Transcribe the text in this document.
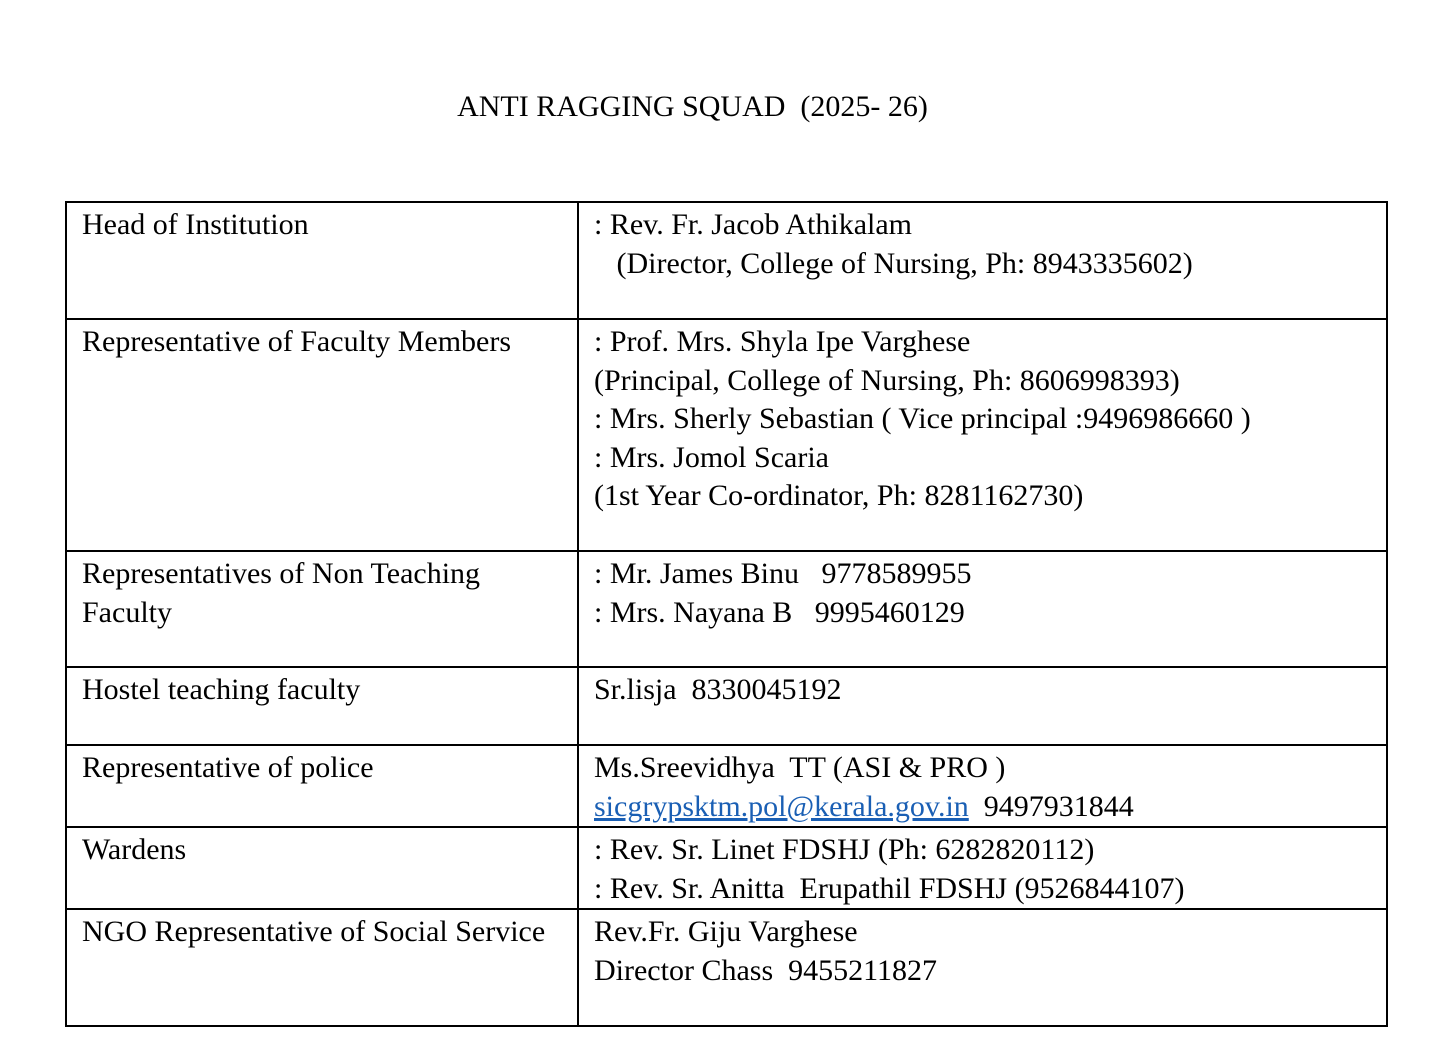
ANTI RAGGING SQUAD  (2025- 26)
Head of Institution	: Rev. Fr. Jacob Athikalam
(Director, College of Nursing, Ph: 8943335602)

Representative of Faculty Members	: Prof. Mrs. Shyla Ipe Varghese
(Principal, College of Nursing, Ph: 8606998393)
: Mrs. Sherly Sebastian ( Vice principal :9496986660 )
: Mrs. Jomol Scaria
(1st Year Co-ordinator, Ph: 8281162730)

Representatives of Non Teaching Faculty	: Mr. James Binu   9778589955
: Mrs. Nayana B   9995460129

Hostel teaching faculty	Sr.lisja  8330045192

Representative of police	Ms.Sreevidhya  TT (ASI & PRO )
sicgrypsktm.pol@kerala.gov.in  9497931844

Wardens	: Rev. Sr. Linet FDSHJ (Ph: 6282820112)
: Rev. Sr. Anitta  Erupathil FDSHJ (9526844107)

NGO Representative of Social Service	Rev.Fr. Giju Varghese
Director Chass  9455211827
